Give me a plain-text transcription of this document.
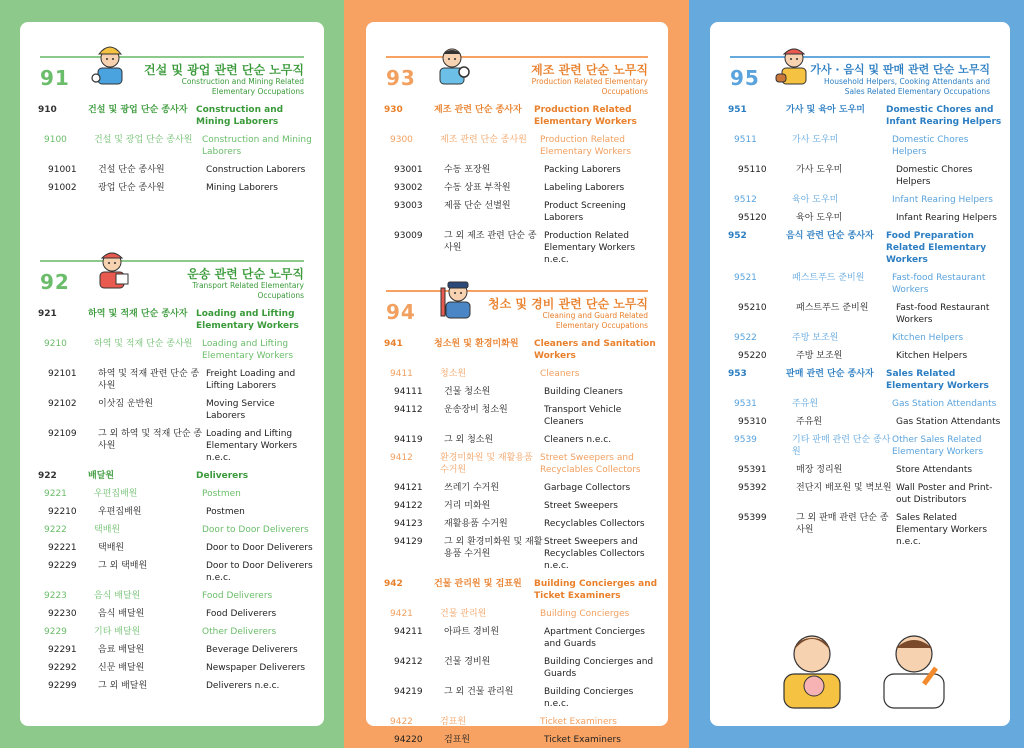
91	건설 및 광업 관련 단순 노무직
Construction and Mining Related Elementary Occupations
910	건설 및 광업 단순 종사자 Construction and Mining Laborers
9100	건설 및 광업 단순 종사원	Construction and Mining Laborers
91001	건설 단순 종사원	Construction Laborers
91002	광업 단순 종사원	Mining Laborers
92	운송 관련 단순 노무직
Transport Related Elementary Occupations
921	하역 및 적재 단순 종사자 Loading and Lifting Elementary Workers
9210	하역 및 적재 단순 종사원	Loading and Lifting Elementary Workers
92101	하역 및 적재 관련 단순 종사원
Freight Loading and Lifting Laborers
92102	이삿짐 운반원	Moving Service Laborers
92109	그 외 하역 및 적재 단순 종사원
Loading and Lifting Elementary Workers n.e.c.
922	배달원	Deliverers
9221	우편집배원	Postmen
92210	우편집배원	Postmen
9222	택배원	Door to Door Deliverers
92221	택배원	Door to Door Deliverers
92229	그 외 택배원	Door to Door Deliverers n.e.c.
9223	음식 배달원	Food Deliverers
92230	음식 배달원	Food Deliverers
9229	기타 배달원	Other Deliverers
92291	음료 배달원	Beverage Deliverers
92292	신문 배달원	Newspaper Deliverers
92299	그 외 배달원	Deliverers n.e.c.
93	제조 관련 단순 노무직
Production Related Elementary Occupations
930	제조 관련 단순 종사자	Production Related Elementary Workers
9300	제조 관련 단순 종사원	Production Related Elementary Workers
93001	수동 포장원	Packing Laborers
93002	수동 상표 부착원	Labeling Laborers
93003	제품 단순 선별원	Product Screening Laborers
93009	그 외 제조 관련 단순 종사원
Production Related Elementary Workers n.e.c.
94	청소 및 경비 관련 단순 노무직
Cleaning and Guard Related Elementary Occupations
941	청소원 및 환경미화원	Cleaners and Sanitation Workers
9411	청소원	Cleaners
94111	건물 청소원	Building Cleaners
94112	운송장비 청소원	Transport Vehicle Cleaners
94119	그 외 청소원	Cleaners n.e.c.
9412	환경미화원 및 재활용품 수거원
Street Sweepers and Recyclables Collectors
94121	쓰레기 수거원	Garbage Collectors
94122	거리 미화원	Street Sweepers
94123	재활용품 수거원	Recyclables Collectors
94129	그 외 환경미화원 및 재활용품 수거원
Street Sweepers and Recyclables Collectors n.e.c.
942	건물 관리원 및 검표원	Building Concierges and Ticket Examiners
9421	건물 관리원	Building Concierges
94211	아파트 경비원	Apartment Concierges and Guards
94212	건물 경비원	Building Concierges and Guards
94219	그 외 건물 관리원	Building Concierges n.e.c.
9422	검표원	Ticket Examiners
94220	검표원	Ticket Examiners
95	가사 · 음식 및 판매 관련 단순 노무직
Household Helpers, Cooking Attendants and Sales Related Elementary Occupations
951	가사 및 육아 도우미	Domestic Chores and Infant Rearing Helpers
9511	가사 도우미	Domestic Chores Helpers
95110	가사 도우미	Domestic Chores Helpers
9512	육아 도우미	Infant Rearing Helpers
95120	육아 도우미	Infant Rearing Helpers
952	음식 관련 단순 종사자	Food Preparation Related Elementary Workers
9521	패스트푸드 준비원	Fast-food Restaurant Workers
95210	패스트푸드 준비원	Fast-food Restaurant Workers
9522	주방 보조원	Kitchen Helpers
95220	주방 보조원	Kitchen Helpers
953	판매 관련 단순 종사자	Sales Related Elementary Workers
9531	주유원	Gas Station Attendants
95310	주유원	Gas Station Attendants
9539	기타 판매 관련 단순 종사원
Other Sales Related Elementary Workers
95391	매장 정리원	Store Attendants
95392	전단지 배포원 및 벽보원 Wall Poster and Print-out Distributors
95399	그 외 판매 관련 단순 종사원
Sales Related Elementary Workers n.e.c.
